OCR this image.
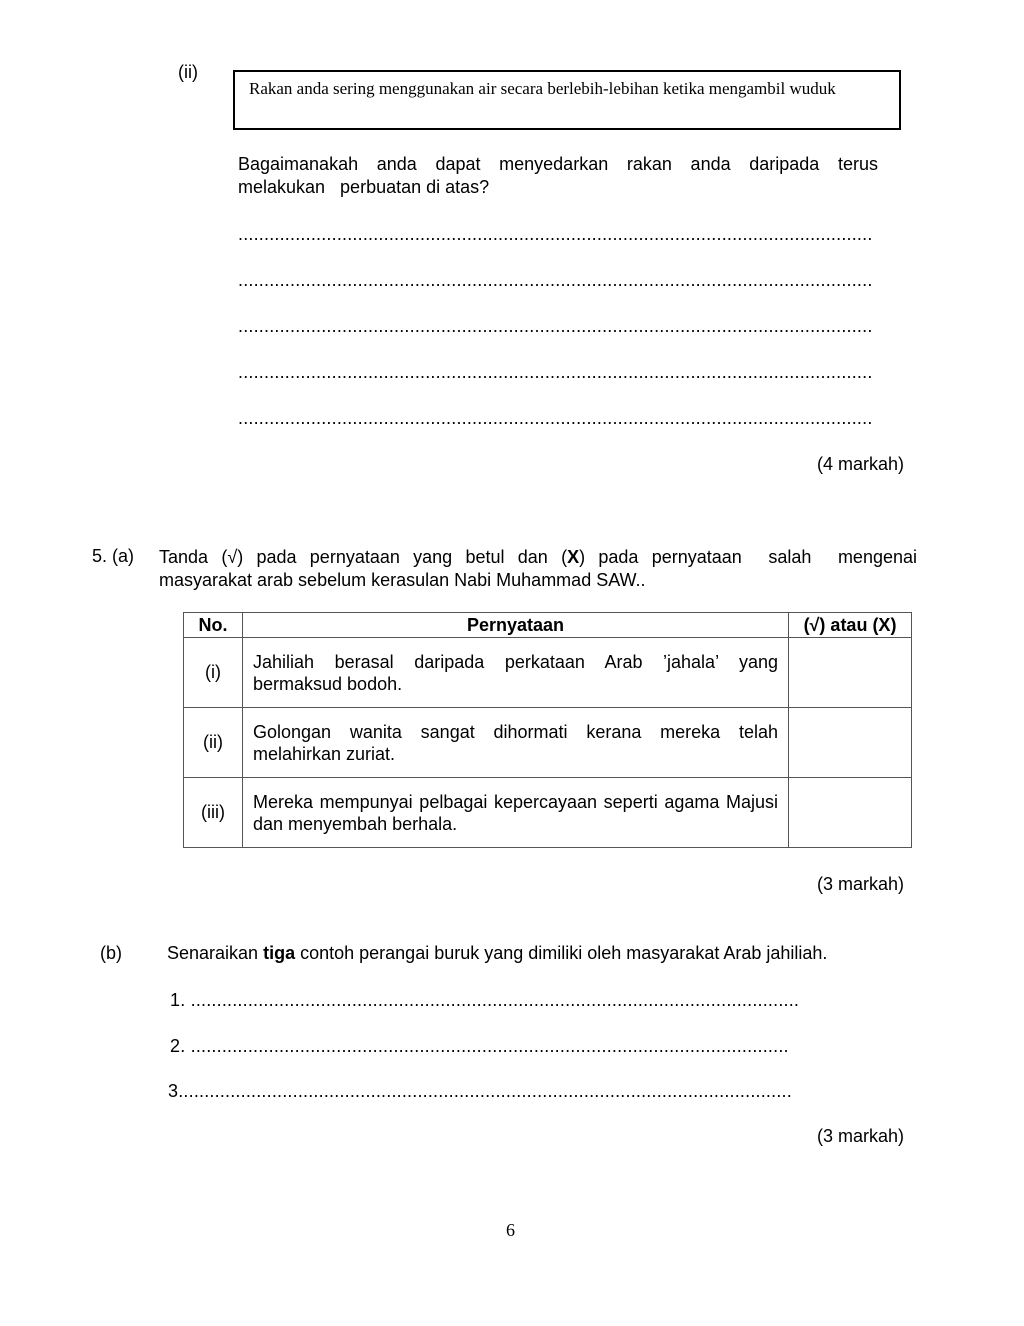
(ii)
Rakan anda sering menggunakan air secara berlebih-lebihan ketika mengambil wuduk
Bagaimanakah anda dapat menyedarkan rakan anda daripada terus
melakukan   perbuatan di atas?
..........................................................................................................................
..........................................................................................................................
..........................................................................................................................
..........................................................................................................................
..........................................................................................................................
(4 markah)
5. (a) Tanda (√) pada pernyataan yang betul dan (X) pada pernyataan  salah  mengenai
masyarakat arab sebelum kerasulan Nabi Muhammad SAW..
No.	Pernyataan	(√) atau (X)
(i)	Jahiliah berasal daripada perkataan Arab ’jahala’ yang bermaksud bodoh.	
(ii)	Golongan wanita sangat dihormati kerana mereka telah melahirkan zuriat.	
(iii)	Mereka mempunyai pelbagai kepercayaan seperti agama Majusi dan menyembah berhala.	
(3 markah)
(b)	Senaraikan tiga contoh perangai buruk yang dimiliki oleh masyarakat Arab jahiliah.
1. .....................................................................................................................
2. ...................................................................................................................
3......................................................................................................................
(3 markah)
6
